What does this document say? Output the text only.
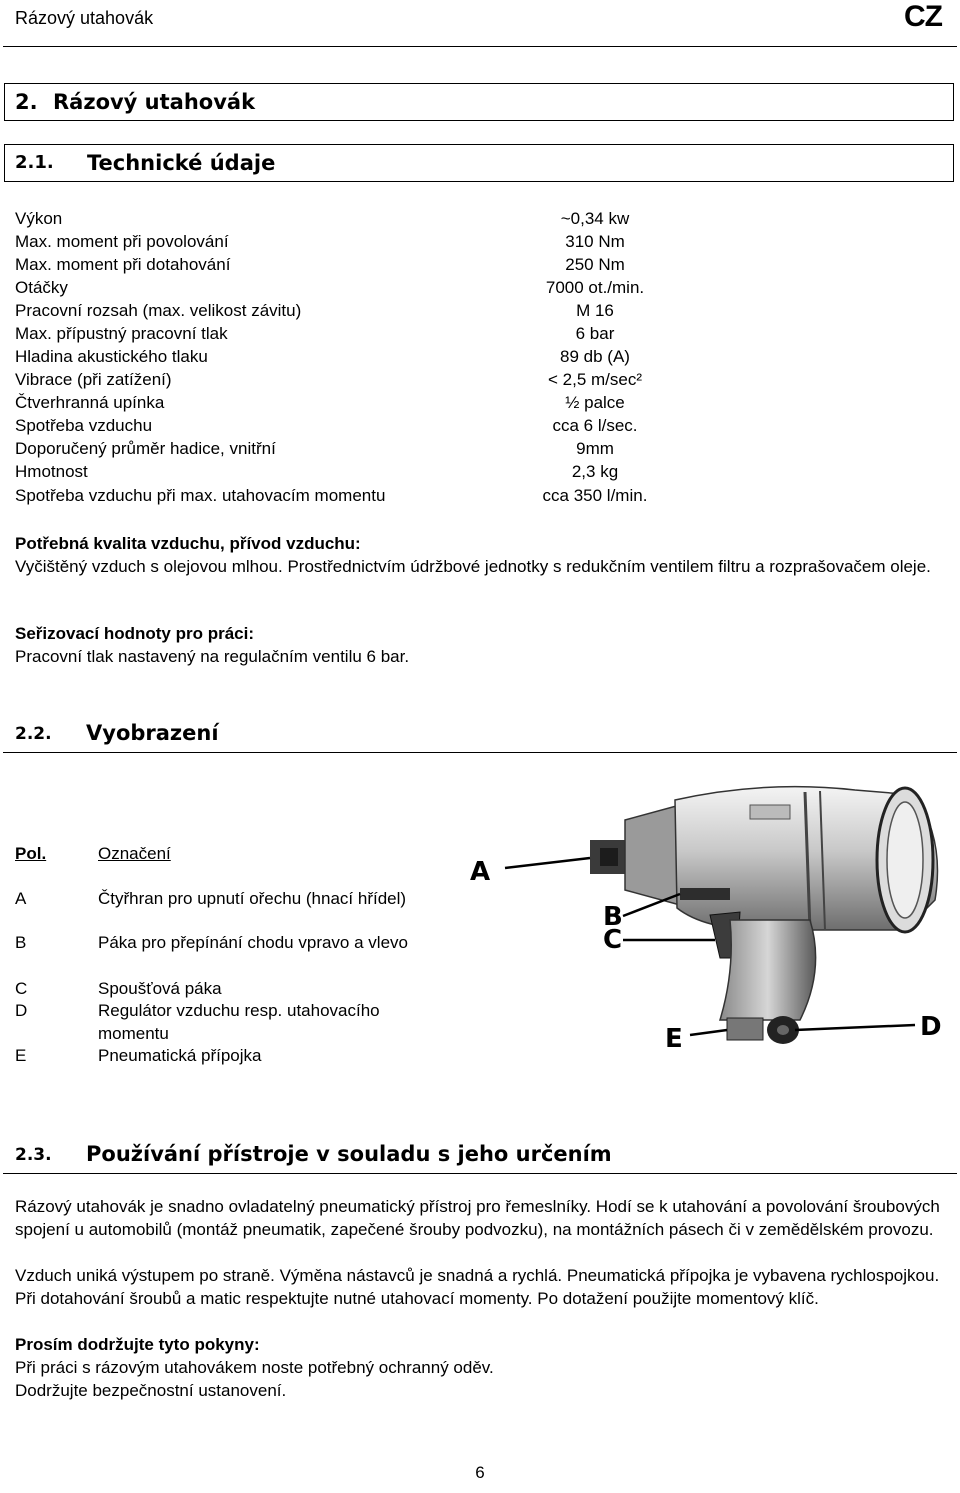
Rázový utahovák	CZ
2. Rázový utahovák
2.1. Technické údaje
Výkon	~0,34 kw
Max. moment při povolování	310 Nm
Max. moment při dotahování	250 Nm
Otáčky	7000 ot./min.
Pracovní rozsah (max. velikost závitu)	M 16
Max. přípustný pracovní tlak	6 bar
Hladina akustického tlaku	89 db (A)
Vibrace (při zatížení)	< 2,5 m/sec²
Čtverhranná upínka	½ palce
Spotřeba vzduchu	cca 6 l/sec.
Doporučený průměr hadice, vnitřní	9mm
Hmotnost	2,3 kg
Spotřeba vzduchu při max. utahovacím momentu	cca 350 l/min.
Potřebná kvalita vzduchu, přívod vzduchu:
Vyčištěný vzduch s olejovou mlhou. Prostřednictvím údržbové jednotky s redukčním ventilem filtru a rozprašovačem oleje.
Seřizovací hodnoty pro práci:
Pracovní tlak nastavený na regulačním ventilu 6 bar.
2.2. Vyobrazení
Pol.	Označení
A	Čtyřhran pro upnutí ořechu (hnací hřídel)
B	Páka pro přepínání chodu vpravo a vlevo
C	Spoušťová páka
D	Regulátor vzduchu resp. utahovacího momentu
E	Pneumatická přípojka
A
B
C
D
E
2.3. Používání přístroje v souladu s jeho určením
Rázový utahovák je snadno ovladatelný pneumatický přístroj pro řemeslníky. Hodí se k utahování a povolování šroubových spojení u automobilů (montáž pneumatik, zapečené šrouby podvozku), na montážních pásech či v zemědělském provozu.
Vzduch uniká výstupem po straně. Výměna nástavců je snadná a rychlá. Pneumatická přípojka je vybavena rychlospojkou. Při dotahování šroubů a matic respektujte nutné utahovací momenty. Po dotažení použijte momentový klíč.
Prosím dodržujte tyto pokyny:
Při práci s rázovým utahovákem noste potřebný ochranný oděv.
Dodržujte bezpečnostní ustanovení.
6
